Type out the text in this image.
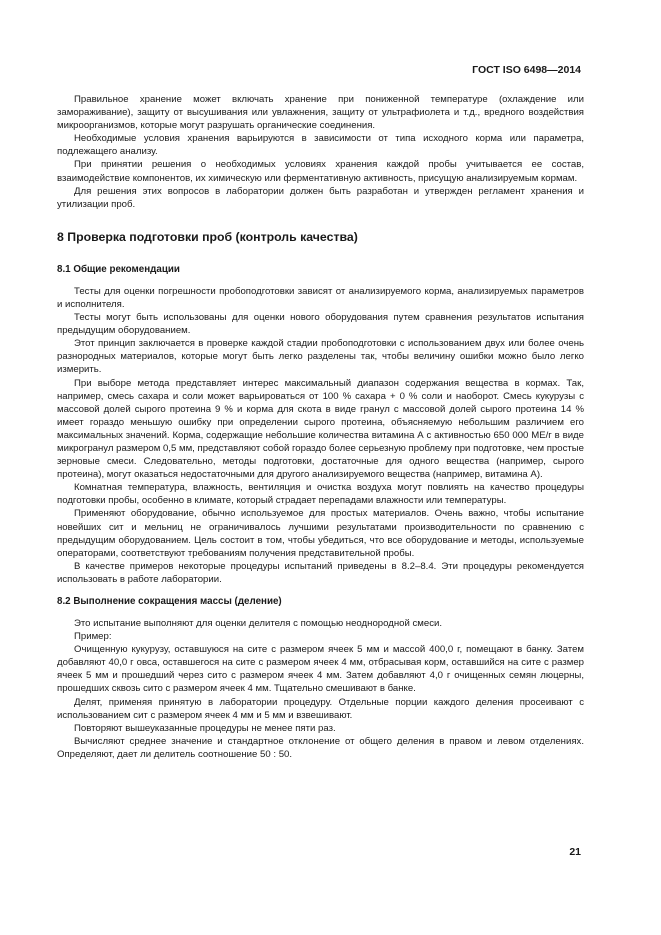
ГОСТ ISO 6498—2014

Правильное хранение может включать хранение при пониженной температуре (охлаждение или замораживание), защиту от высушивания или увлажнения, защиту от ультрафиолета и т.д., вредного воздействия микроорганизмов, которые могут разрушать органические соединения.

Необходимые условия хранения варьируются в зависимости от типа исходного корма или параметра, подлежащего анализу.

При принятии решения о необходимых условиях хранения каждой пробы учитывается ее состав, взаимодействие компонентов, их химическую или ферментативную активность, присущую анализируемым кормам.

Для решения этих вопросов в лаборатории должен быть разработан и утвержден регламент хранения и утилизации проб.

8 Проверка подготовки проб (контроль качества)
8.1 Общие рекомендации

Тесты для оценки погрешности пробоподготовки зависят от анализируемого корма, анализируемых параметров и исполнителя.

Тесты могут быть использованы для оценки нового оборудования путем сравнения результатов испытания предыдущим оборудованием.

Этот принцип заключается в проверке каждой стадии пробоподготовки с использованием двух или более очень разнородных материалов, которые могут быть легко разделены так, чтобы величину ошибки можно было легко измерить.

При выборе метода представляет интерес максимальный диапазон содержания вещества в кормах. Так, например, смесь сахара и соли может варьироваться от 100 % сахара + 0 % соли и наоборот. Смесь кукурузы с массовой долей сырого протеина 9 % и корма для скота в виде гранул с массовой долей сырого протеина 14 % имеет гораздо меньшую ошибку при определении сырого протеина, объясняемую небольшим различием его максимальных значений. Корма, содержащие небольшие количества витамина А с активностью 650 000 МЕ/г в виде микрогранул размером 0,5 мм, представляют собой гораздо более серьезную проблему при подготовке, чем простые зерновые смеси. Следовательно, методы подготовки, достаточные для одного вещества (например, сырого протеина), могут оказаться недостаточными для другого анализируемого вещества (например, витамина А).

Комнатная температура, влажность, вентиляция и очистка воздуха могут повлиять на качество процедуры подготовки пробы, особенно в климате, который страдает перепадами влажности или температуры.

Применяют оборудование, обычно используемое для простых материалов. Очень важно, чтобы испытание новейших сит и мельниц не ограничивалось лучшими результатами производительности по сравнению с предыдущим оборудованием. Цель состоит в том, чтобы убедиться, что все оборудование и методы, используемые операторами, соответствуют требованиям получения представительной пробы.

В качестве примеров некоторые процедуры испытаний приведены в 8.2–8.4. Эти процедуры рекомендуется использовать в работе лаборатории.

8.2 Выполнение сокращения массы (деление)

Это испытание выполняют для оценки делителя с помощью неоднородной смеси.

Пример:

Очищенную кукурузу, оставшуюся на сите с размером ячеек 5 мм и массой 400,0 г, помещают в банку. Затем добавляют 40,0 г овса, оставшегося на сите с размером ячеек 4 мм, отбрасывая корм, оставшийся на сите с размер ячеек 5 мм и прошедший через сито с размером ячеек 4 мм. Затем добавляют 4,0 г очищенных семян люцерны, прошедших сквозь сито с размером ячеек 4 мм. Тщательно смешивают в банке.

Делят, применяя принятую в лаборатории процедуру. Отдельные порции каждого деления просеивают с использованием сит с размером ячеек 4 мм и 5 мм и взвешивают.

Повторяют вышеуказанные процедуры не менее пяти раз.

Вычисляют среднее значение и стандартное отклонение от общего деления в правом и левом отделениях. Определяют, дает ли делитель соотношение 50 : 50.

21
